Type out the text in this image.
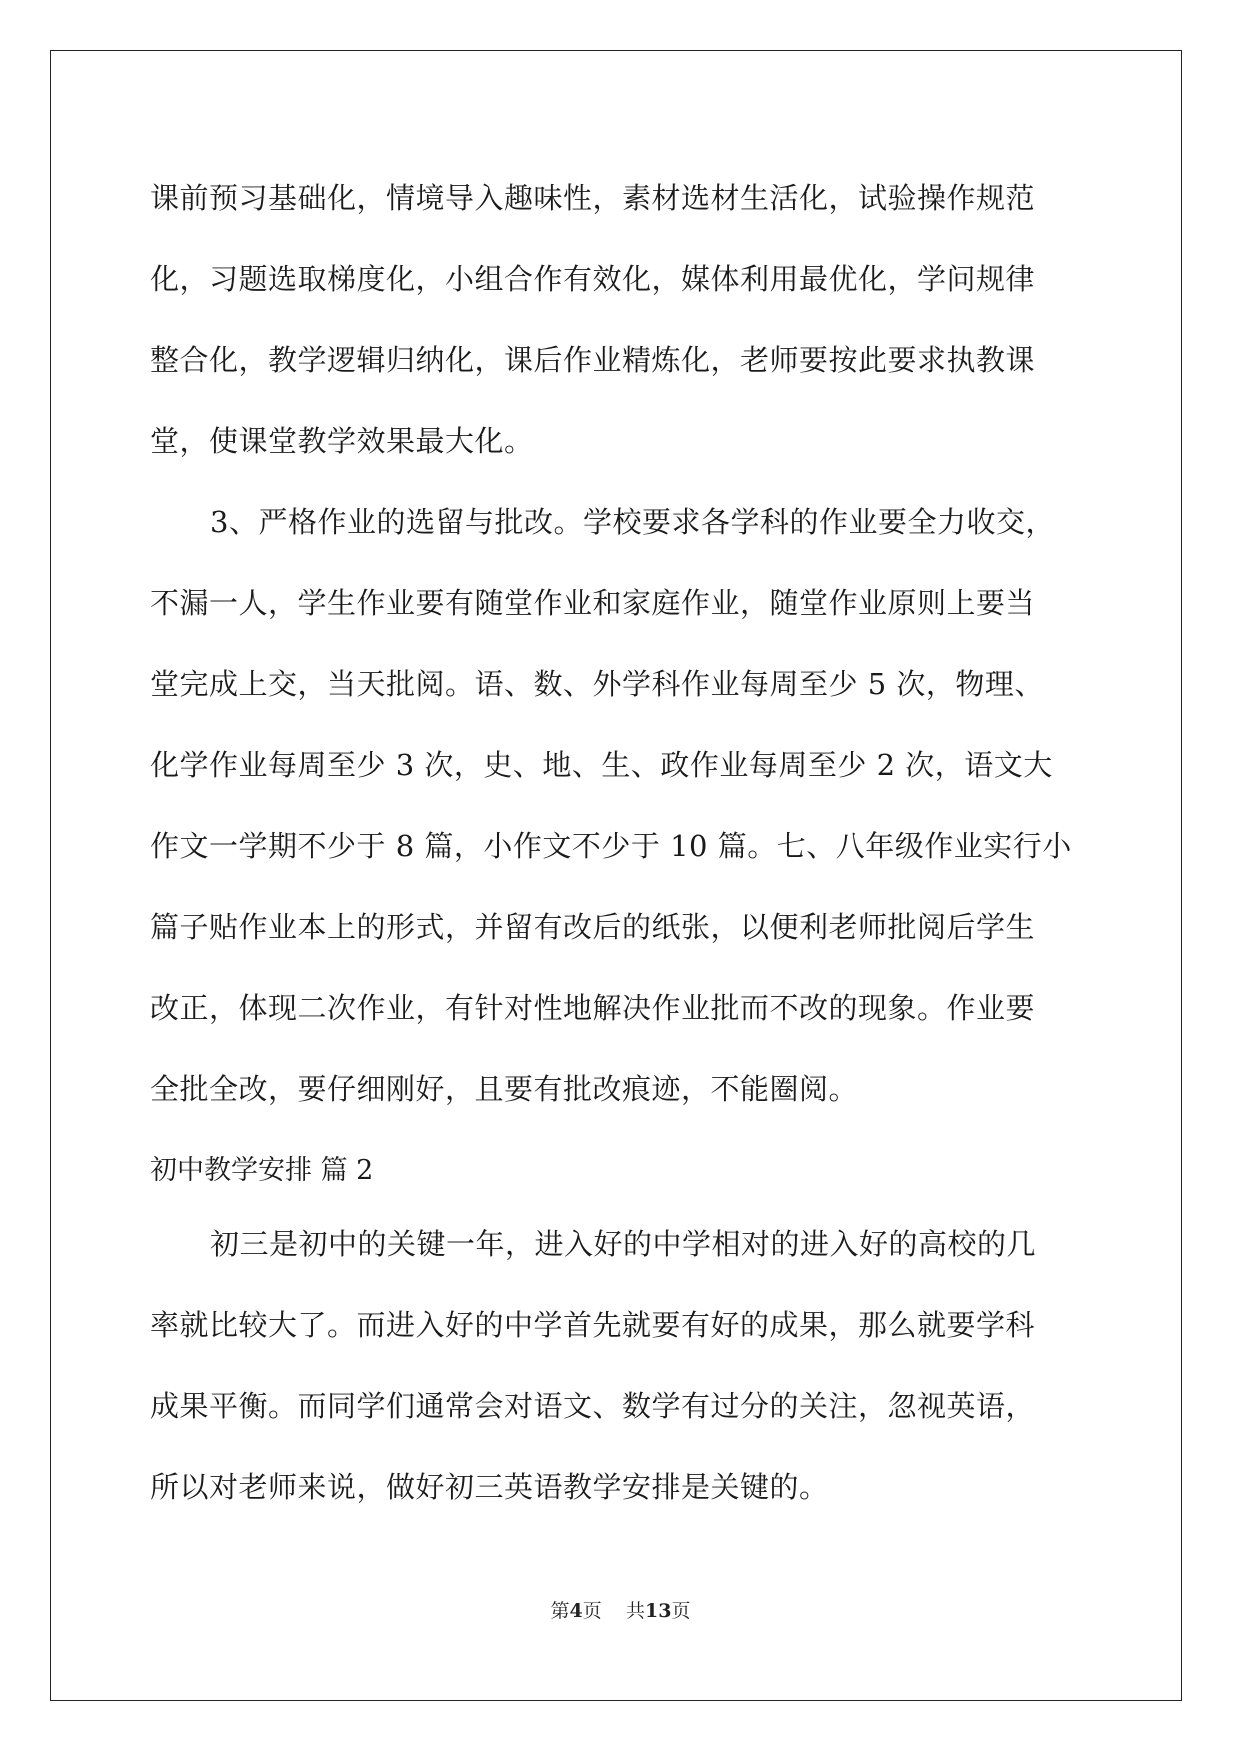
课前预习基础化，情境导入趣味性，素材选材生活化，试验操作规范

化，习题选取梯度化，小组合作有效化，媒体利用最优化，学问规律

整合化，教学逻辑归纳化，课后作业精炼化，老师要按此要求执教课

堂，使课堂教学效果最大化。

3、严格作业的选留与批改。学校要求各学科的作业要全力收交，

不漏一人，学生作业要有随堂作业和家庭作业，随堂作业原则上要当

堂完成上交，当天批阅。语、数、外学科作业每周至少 5 次，物理、

化学作业每周至少 3 次，史、地、生、政作业每周至少 2 次，语文大

作文一学期不少于 8 篇，小作文不少于 10 篇。七、八年级作业实行小

篇子贴作业本上的形式，并留有改后的纸张，以便利老师批阅后学生

改正，体现二次作业，有针对性地解决作业批而不改的现象。作业要

全批全改，要仔细刚好，且要有批改痕迹，不能圈阅。

初中教学安排 篇 2

初三是初中的关键一年，进入好的中学相对的进入好的高校的几

率就比较大了。而进入好的中学首先就要有好的成果，那么就要学科

成果平衡。而同学们通常会对语文、数学有过分的关注，忽视英语，

所以对老师来说，做好初三英语教学安排是关键的。

第4页 共13页
